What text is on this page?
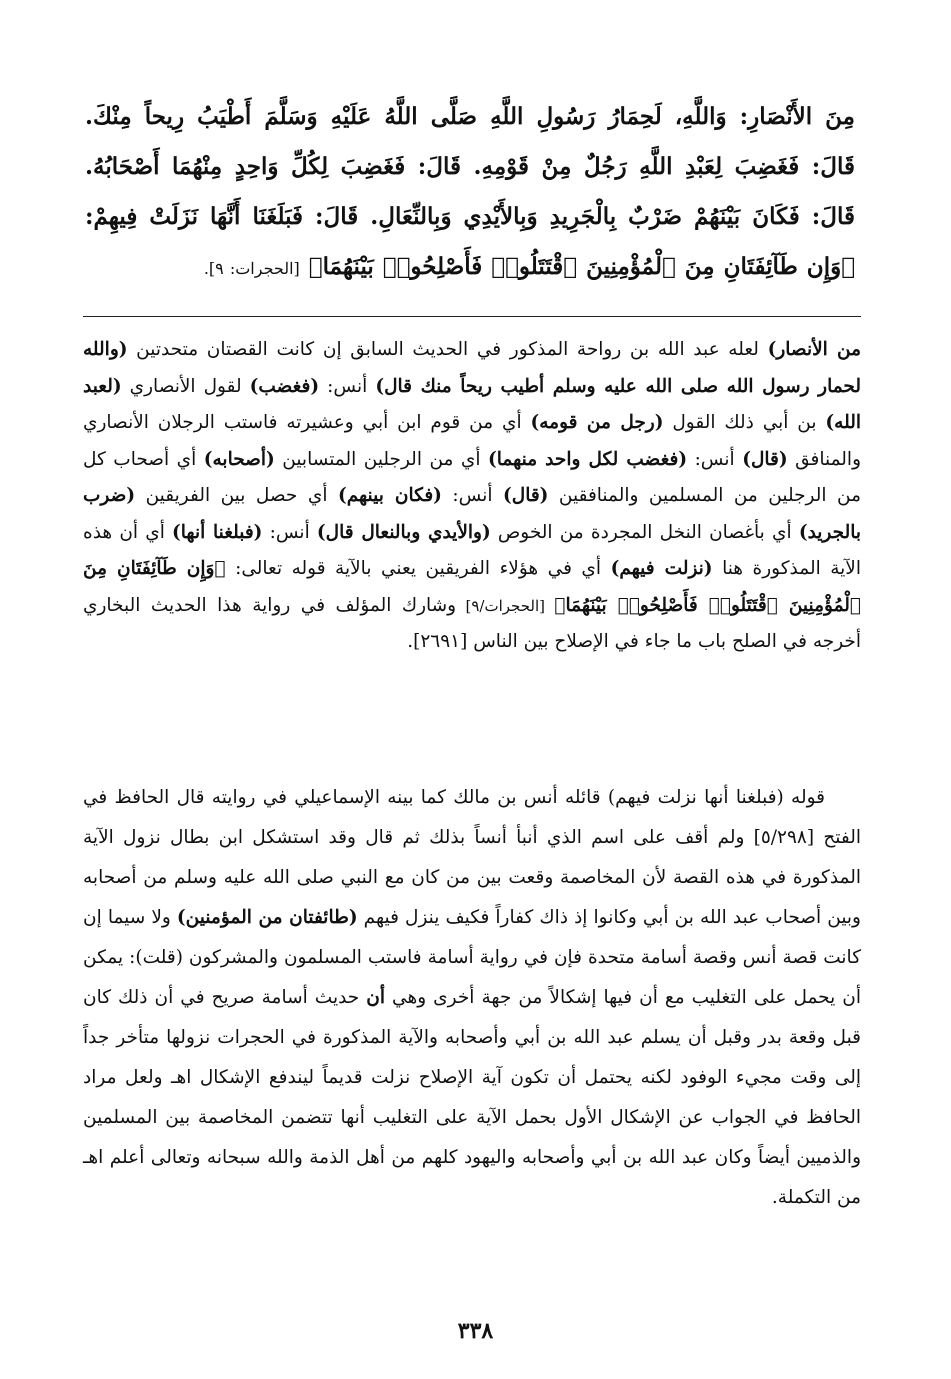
مِنَ الأَنْصَارِ: وَاللَّهِ، لَحِمَارُ رَسُولِ اللَّهِ صَلَّى اللَّهُ عَلَيْهِ وَسَلَّمَ أَطْيَبُ رِيحاً مِنْكَ. قَالَ: فَغَضِبَ لِعَبْدِ اللَّهِ رَجُلٌ مِنْ قَوْمِهِ. قَالَ: فَغَضِبَ لِكُلِّ وَاحِدٍ مِنْهُمَا أَصْحَابُهُ. قَالَ: فَكَانَ بَيْنَهُمْ ضَرْبٌ بِالْجَرِيدِ وَبِالأَيْدِي وَبِالنِّعَالِ. قَالَ: فَبَلَغَنَا أَنَّهَا نَزَلَتْ فِيهِمْ: ﴿وَإِن طَآئِفَتَانِ مِنَ ٱلْمُؤْمِنِينَ ٱقْتَتَلُوا۟ فَأَصْلِحُوا۟ بَيْنَهُمَا﴾ [الحجرات: ٩].
من الأنصار) لعله عبد الله بن رواحة المذكور في الحديث السابق إن كانت القصتان متحدتين (والله لحمار رسول الله صلى الله عليه وسلم أطيب ريحاً منك قال) أنس: (فغضب) لقول الأنصاري (لعبد الله) بن أبي ذلك القول (رجل من قومه) أي من قوم ابن أبي وعشيرته فاستب الرجلان الأنصاري والمنافق (قال) أنس: (فغضب لكل واحد منهما) أي من الرجلين المتسابين (أصحابه) أي أصحاب كل من الرجلين من المسلمين والمنافقين (قال) أنس: (فكان بينهم) أي حصل بين الفريقين (ضرب بالجريد) أي بأغصان النخل المجردة من الخوص (والأيدي وبالنعال قال) أنس: (فبلغنا أنها) أي أن هذه الآية المذكورة هنا (نزلت فيهم) أي في هؤلاء الفريقين يعني بالآية قوله تعالى: ﴿وَإِن طَآئِفَتَانِ مِنَ ٱلْمُؤْمِنِينَ ٱقْتَتَلُوا۟ فَأَصْلِحُوا۟ بَيْنَهُمَا﴾ [الحجرات/٩] وشارك المؤلف في رواية هذا الحديث البخاري أخرجه في الصلح باب ما جاء في الإصلاح بين الناس [٢٦٩١].
قوله (فبلغنا أنها نزلت فيهم) قائله أنس بن مالك كما بينه الإسماعيلي في روايته قال الحافظ في الفتح [٥/٢٩٨] ولم أقف على اسم الذي أنبأ أنساً بذلك ثم قال وقد استشكل ابن بطال نزول الآية المذكورة في هذه القصة لأن المخاصمة وقعت بين من كان مع النبي صلى الله عليه وسلم من أصحابه وبين أصحاب عبد الله بن أبي وكانوا إذ ذاك كفاراً فكيف ينزل فيهم (طائفتان من المؤمنين) ولا سيما إن كانت قصة أنس وقصة أسامة متحدة فإن في رواية أسامة فاستب المسلمون والمشركون (قلت): يمكن أن يحمل على التغليب مع أن فيها إشكالاً من جهة أخرى وهي أن حديث أسامة صريح في أن ذلك كان قبل وقعة بدر وقبل أن يسلم عبد الله بن أبي وأصحابه والآية المذكورة في الحجرات نزولها متأخر جداً إلى وقت مجيء الوفود لكنه يحتمل أن تكون آية الإصلاح نزلت قديماً ليندفع الإشكال اهـ ولعل مراد الحافظ في الجواب عن الإشكال الأول بحمل الآية على التغليب أنها تتضمن المخاصمة بين المسلمين والذميين أيضاً وكان عبد الله بن أبي وأصحابه واليهود كلهم من أهل الذمة والله سبحانه وتعالى أعلم اهـ من التكملة.
٣٣٨
